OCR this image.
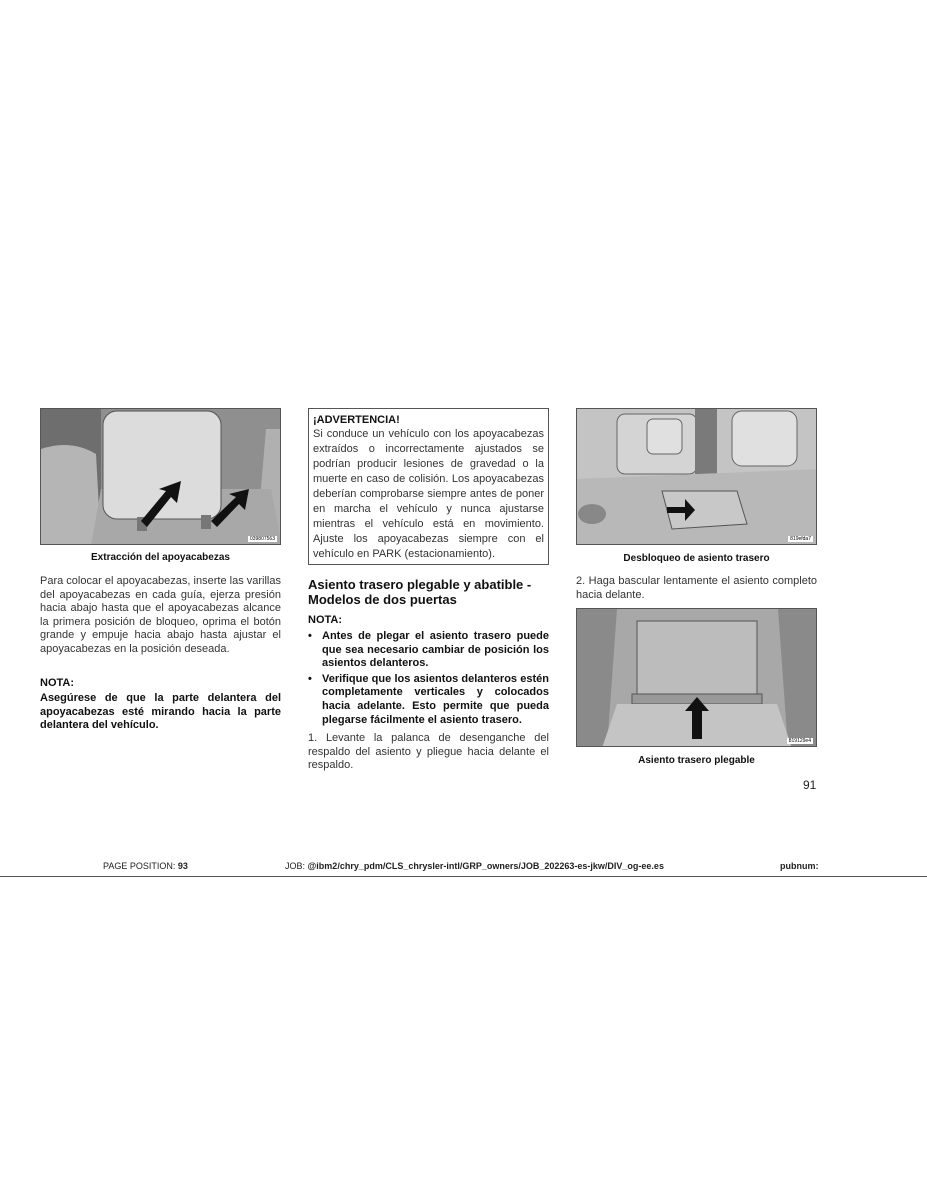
039807563
Extracción del apoyacabezas
Para colocar el apoyacabezas, inserte las varillas del apoyacabezas en cada guía, ejerza presión hacia abajo hasta que el apoyacabezas alcance la primera posición de bloqueo, oprima el botón grande y empuje hacia abajo hasta ajustar el apoyacabezas en la posición deseada.
NOTA:
Asegúrese de que la parte delantera del apoyacabezas esté mirando hacia la parte delantera del vehículo.
¡ADVERTENCIA!
Si conduce un vehículo con los apoyacabezas extraídos o incorrectamente ajustados se podrían producir lesiones de gravedad o la muerte en caso de colisión. Los apoyacabezas deberían comprobarse siempre antes de poner en marcha el vehículo y nunca ajustarse mientras el vehículo está en movimiento. Ajuste los apoyacabezas siempre con el vehículo en PARK (estacionamiento).
Asiento trasero plegable y abatible - Modelos de dos puertas
NOTA:
• Antes de plegar el asiento trasero puede que sea necesario cambiar de posición los asientos delanteros.
• Verifique que los asientos delanteros estén completamente verticales y colocados hacia adelante. Esto permite que pueda plegarse fácilmente el asiento trasero.
1. Levante la palanca de desenganche del respaldo del asiento y pliegue hacia delante el respaldo.
819efda7
Desbloqueo de asiento trasero
2. Haga bascular lentamente el asiento completo hacia delante.
819129e4
Asiento trasero plegable
91
PAGE POSITION: 93	JOB: @ibm2/chry_pdm/CLS_chrysler-intl/GRP_owners/JOB_202263-es-jkw/DIV_og-ee.es	pubnum:
